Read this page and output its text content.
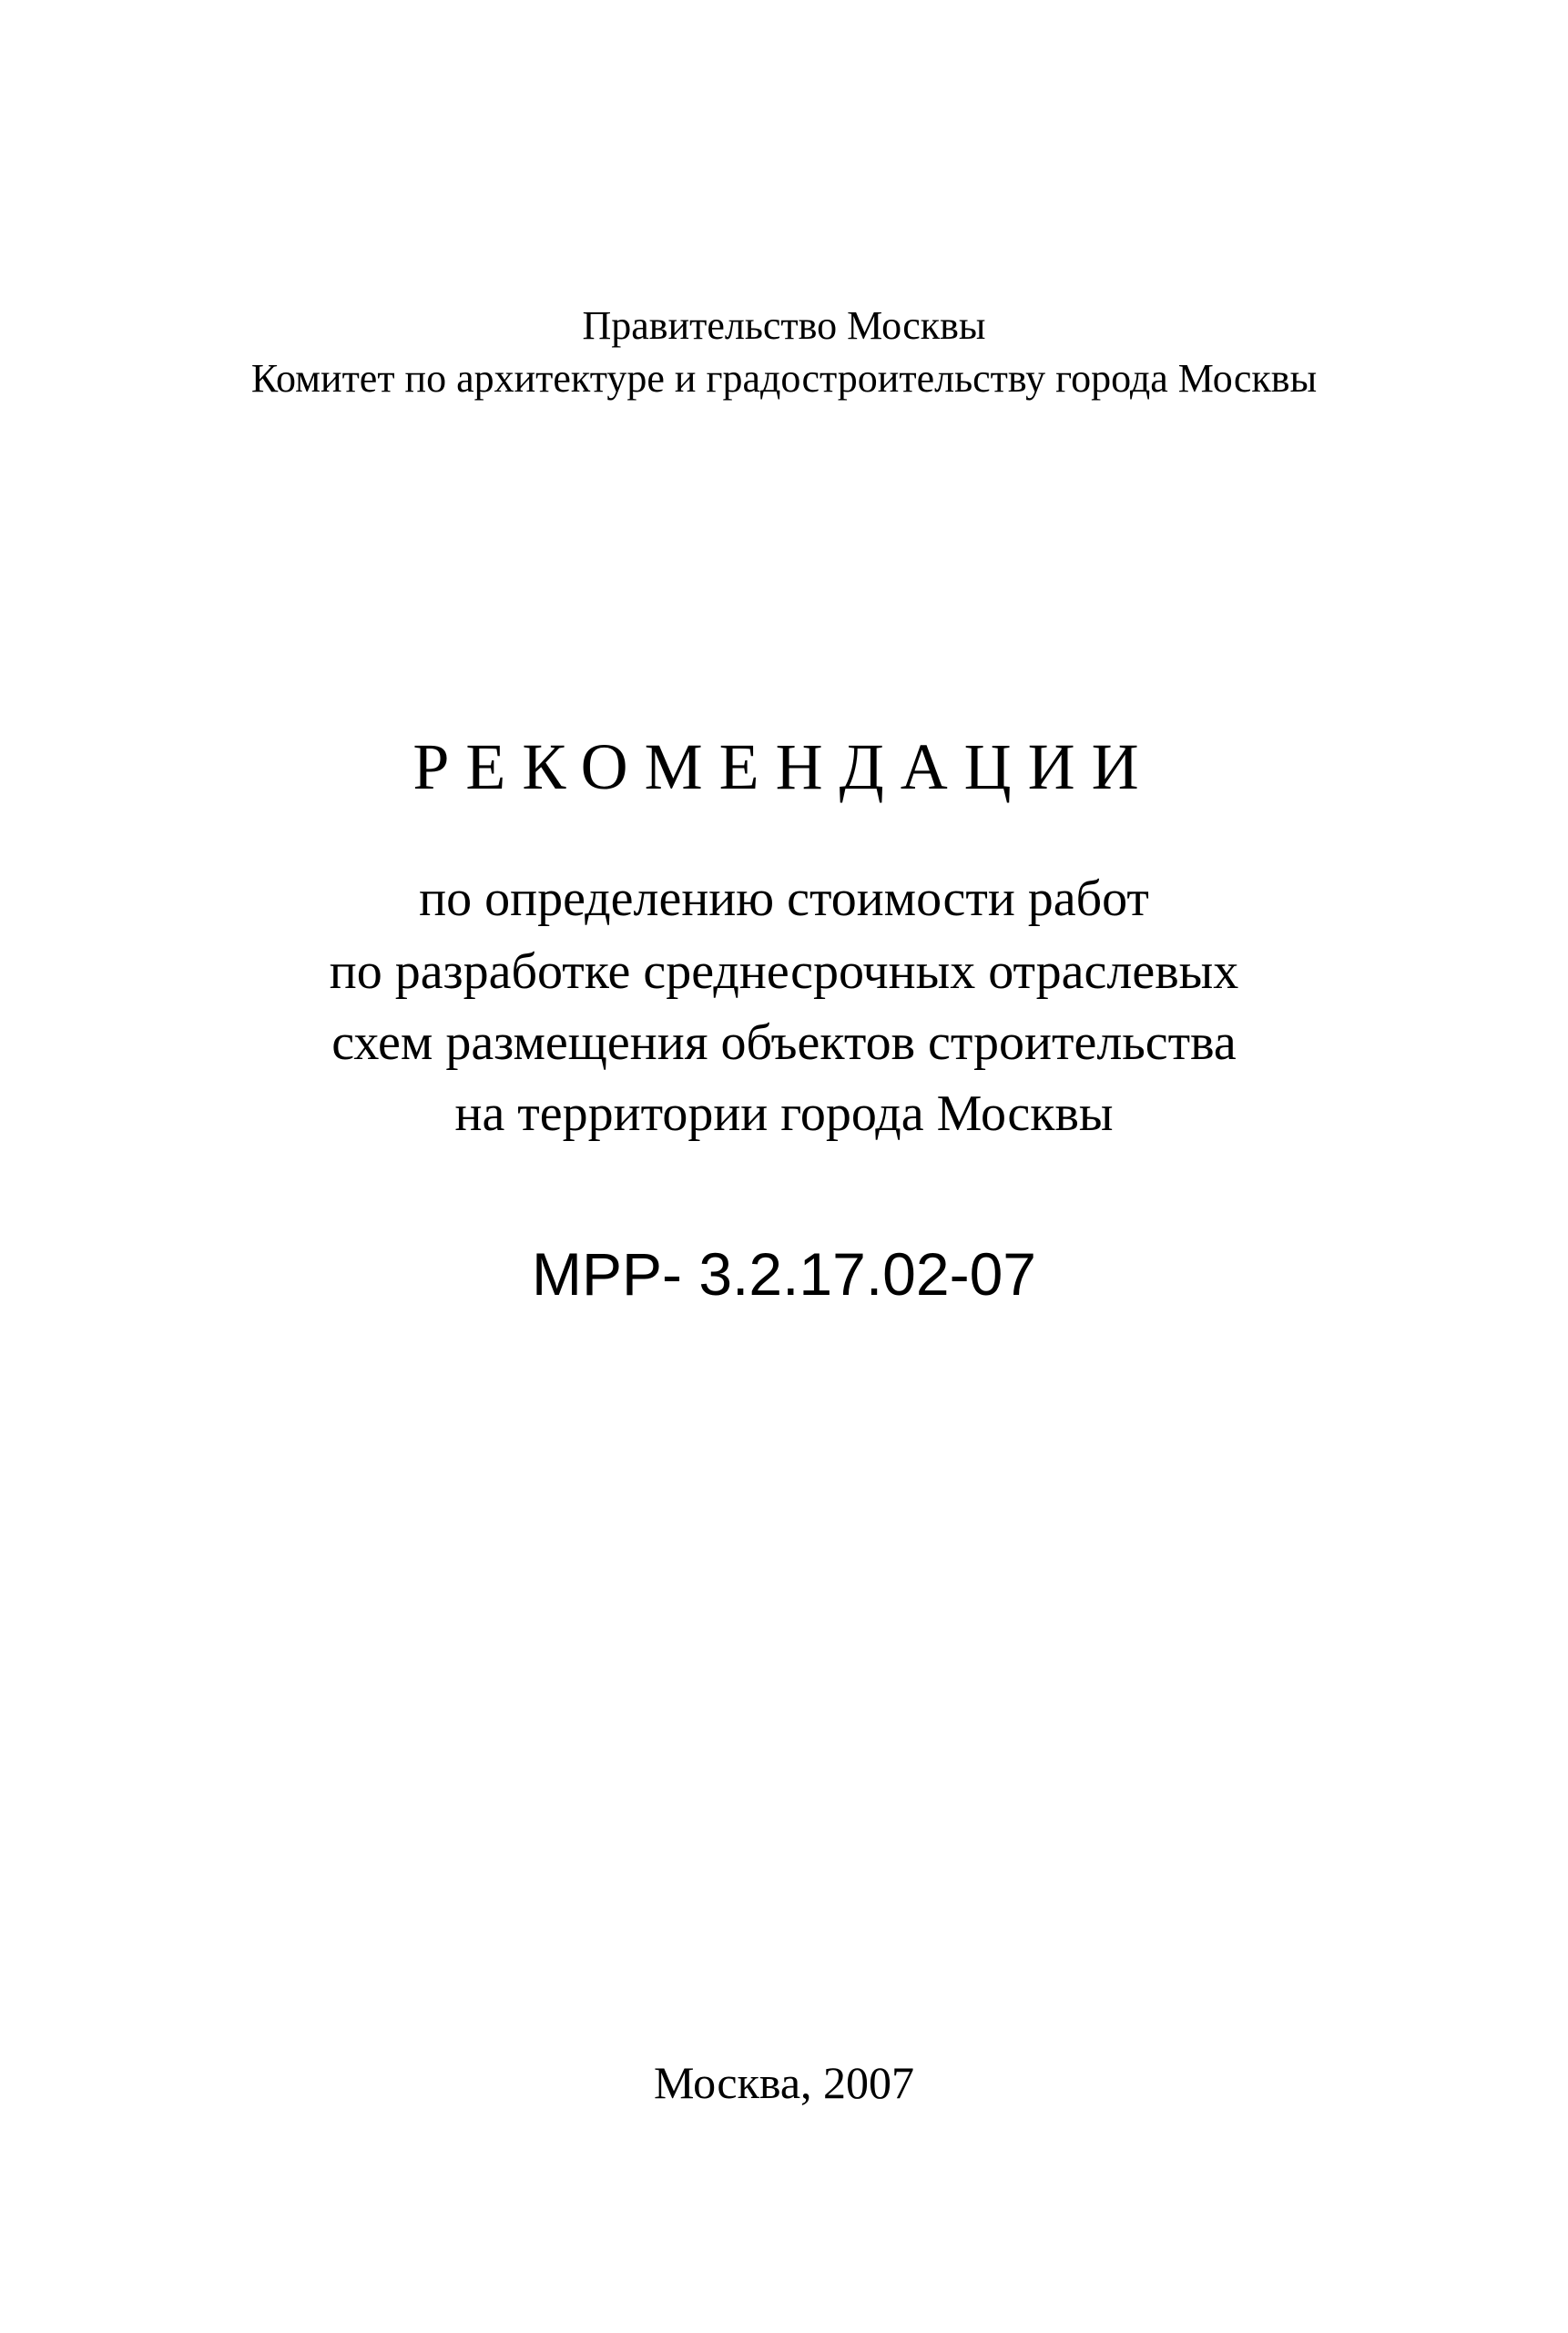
Правительство Москвы
Комитет по архитектуре и градостроительству города Москвы
РЕКОМЕНДАЦИИ
по определению стоимости работ
по разработке среднесрочных отраслевых
схем размещения объектов строительства
на территории города Москвы
МРР- 3.2.17.02-07
Москва, 2007
